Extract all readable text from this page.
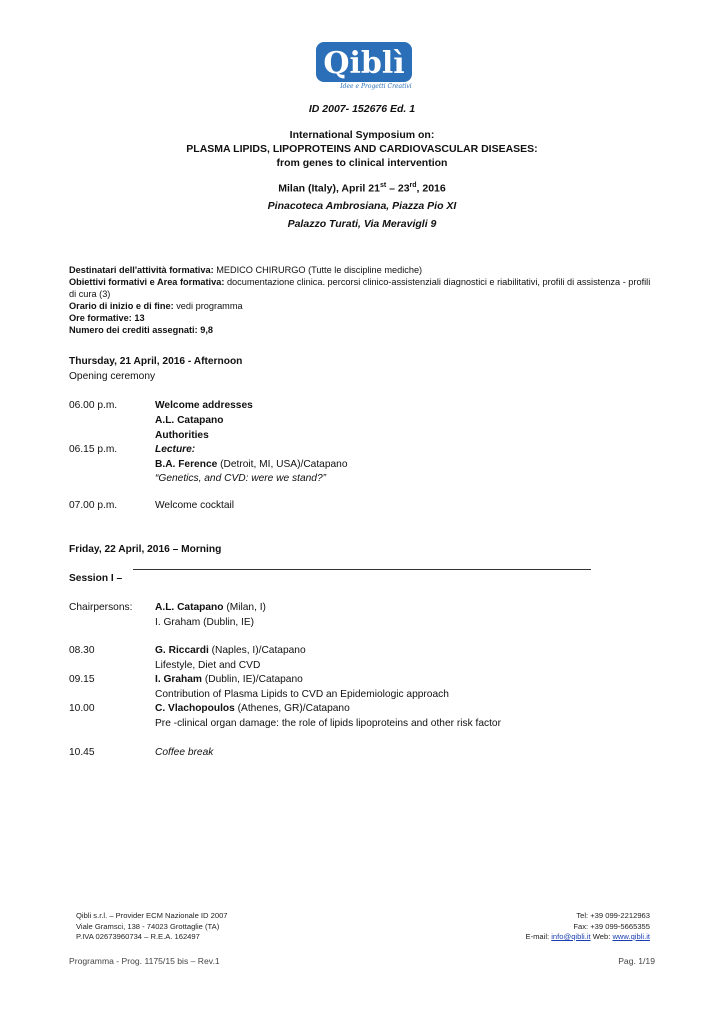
Qiblì
Idee e Progetti Creativi
ID 2007- 152676 Ed. 1
International Symposium on:
PLASMA LIPIDS, LIPOPROTEINS AND CARDIOVASCULAR DISEASES:
from genes to clinical intervention
Milan (Italy), April 21st – 23rd, 2016
Pinacoteca Ambrosiana, Piazza Pio XI
Palazzo Turati, Via Meravigli 9
Destinatari dell'attività formativa: MEDICO CHIRURGO (Tutte le discipline mediche)
Obiettivi formativi e Area formativa: documentazione clinica. percorsi clinico-assistenziali diagnostici e riabilitativi, profili di assistenza - profili di cura (3)
Orario di inizio e di fine: vedi programma
Ore formative: 13
Numero dei crediti assegnati: 9,8
Thursday, 21 April, 2016 - Afternoon
Opening ceremony
06.00 p.m.	Welcome addresses
A.L. Catapano
Authorities
06.15 p.m.	Lecture:
B.A. Ference (Detroit, MI, USA)/Catapano
“Genetics, and CVD: were we stand?”
07.00 p.m.	Welcome cocktail
Friday, 22 April, 2016 – Morning
Session I –
Chairpersons: A.L. Catapano (Milan, I)
I. Graham (Dublin, IE)
08.30	G. Riccardi (Naples, I)/Catapano
Lifestyle, Diet and CVD
09.15	I. Graham (Dublin, IE)/Catapano
Contribution of Plasma Lipids to CVD an Epidemiologic approach
10.00	C. Vlachopoulos (Athenes, GR)/Catapano
Pre -clinical organ damage: the role of lipids lipoproteins and other risk factor
10.45	Coffee break
Qibli s.r.l. – Provider ECM Nazionale ID 2007
Viale Gramsci, 138 - 74023 Grottaglie (TA)
P.IVA 02673960734 – R.E.A. 162497
Tel: +39 099-2212963
Fax: +39 099-5665355
E-mail: info@qibli.it Web: www.qibli.it
Programma - Prog. 1175/15 bis – Rev.1	Pag. 1/19
